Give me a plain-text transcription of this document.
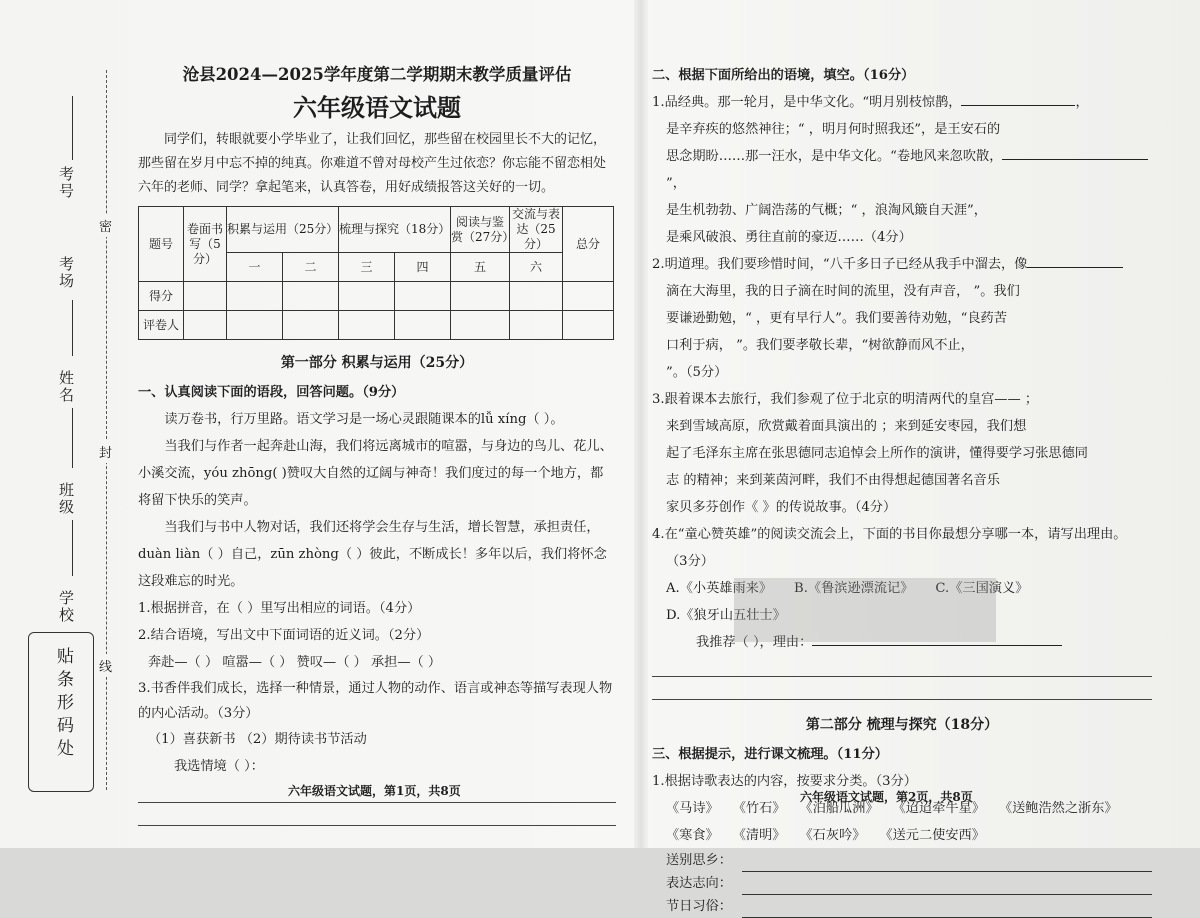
密
封
线
考号
考场
姓名
班级
学校
贴条形码处
沧县2024—2025学年度第二学期期末教学质量评估
六年级语文试题
同学们，转眼就要小学毕业了，让我们回忆，那些留在校园里长不大的记忆，那些留在岁月中忘不掉的纯真。你难道不曾对母校产生过依恋？你忘能不留恋相处六年的老师、同学？拿起笔来，认真答卷，用好成绩报答这关好的一切。
题号	卷面书写（5分）	积累与运用（25分）		梳理与探究（18分）		阅读与鉴赏（27分）	交流与表达（25分）	总分
		一	二	三	四	五	六	
得分								
评卷人								
第一部分 积累与运用（25分）
一、认真阅读下面的语段，回答问题。（9分）
读万卷书，行万里路。语文学习是一场心灵跟随课本的lǚ xíng（ ）。
当我们与作者一起奔赴山海，我们将远离城市的喧嚣，与身边的鸟儿、花儿、小溪交流，yóu zhōng( )赞叹大自然的辽阔与神奇！我们度过的每一个地方，都将留下快乐的笑声。
当我们与书中人物对话，我们还将学会生存与生活，增长智慧，承担责任，duàn liàn（ ）自己，zūn zhòng（ ）彼此，不断成长！多年以后，我们将怀念这段难忘的时光。
1.根据拼音，在（ ）里写出相应的词语。（4分）
2.结合语境，写出文中下面词语的近义词。（2分）
奔赴—（ ） 喧嚣—（ ） 赞叹—（ ） 承担—（ ）
3.书香伴我们成长，选择一种情景，通过人物的动作、语言或神态等描写表现人物的内心活动。（3分）
（1）喜获新书 （2）期待读书节活动
我选情境（ ）：
六年级语文试题，第1页，共8页
二、根据下面所给出的语境，填空。（16分）
1.品经典。那一轮月，是中华文化。“明月别枝惊鹊，	，
是辛弃疾的悠然神往；“ ，明月何时照我还”，是王安石的
思念期盼……那一汪水，是中华文化。“卷地风来忽吹散，”，
是生机勃勃、广阔浩荡的气概；“ ，浪淘风簸自天涯”，
是乘风破浪、勇往直前的豪迈……（4分）
2.明道理。我们要珍惜时间，“八千多日子已经从我手中溜去，像
滴在大海里，我的日子滴在时间的流里，没有声音， ”。我们
要谦逊勤勉，“ ，更有早行人”。我们要善待劝勉，“良药苦
口利于病， ”。我们要孝敬长辈，“树欲静而风不止，
”。（5分）
3.跟着课本去旅行，我们参观了位于北京的明清两代的皇宫—— ；
来到雪域高原，欣赏戴着面具演出的 ；来到延安枣园，我们想
起了毛泽东主席在张思德同志追悼会上所作的演讲，懂得要学习张思德同
志 的精神；来到莱茵河畔，我们不由得想起德国著名音乐
家贝多芬创作《 》的传说故事。（4分）
4.在“童心赞英雄”的阅读交流会上，下面的书目你最想分享哪一本，请写出理由。
（3分）
A.《小英雄雨来》 B.《鲁滨逊漂流记》 C.《三国演义》D.《狼牙山五壮士》
我推荐（ ），理由：
第二部分 梳理与探究（18分）
三、根据提示，进行课文梳理。（11分）
1.根据诗歌表达的内容，按要求分类。（3分）
《马诗》 《竹石》 《泊船瓜洲》 《迢迢牵牛星》 《送鲍浩然之浙东》
《寒食》 《清明》 《石灰吟》 《送元二使安西》
送别思乡：
表达志向：
节日习俗：
六年级语文试题，第2页，共8页
